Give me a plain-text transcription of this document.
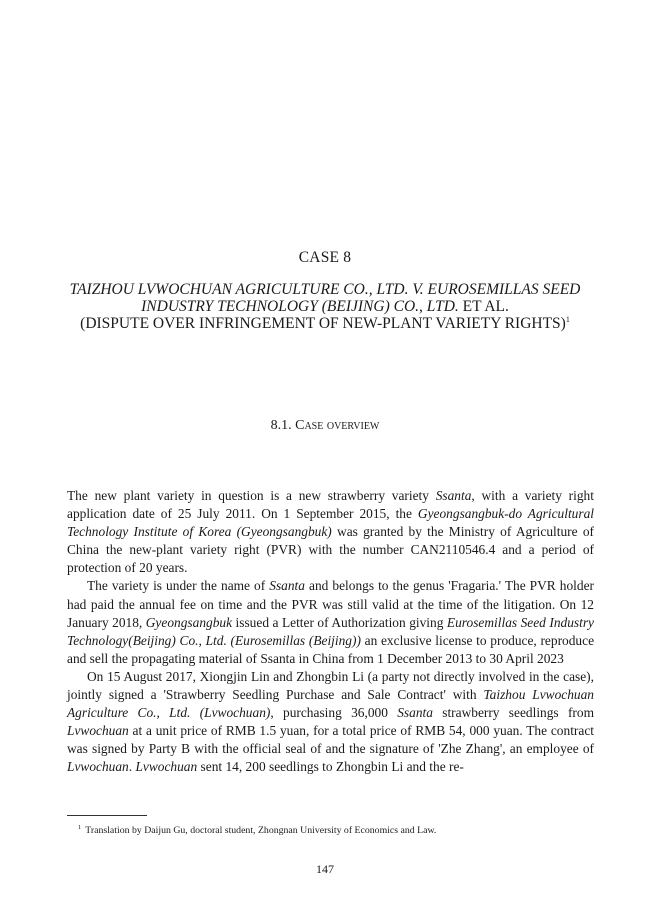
CASE 8
TAIZHOU LVWOCHUAN AGRICULTURE CO., LTD. V. EUROSEMILLAS SEED
INDUSTRY TECHNOLOGY (BEIJING) CO., LTD. ET AL.
(DISPUTE OVER INFRINGEMENT OF NEW-PLANT VARIETY RIGHTS)$^1$
8.1. Case overview

The new plant variety in question is a new strawberry variety Ssanta, with a variety right application date of 25 July 2011. On 1 September 2015, the Gyeongsangbuk-do Agricultural Technology Institute of Korea (Gyeongsangbuk) was granted by the Ministry of Agriculture of China the new-plant variety right (PVR) with the number CAN2110546.4 and a period of protection of 20 years.

The variety is under the name of Ssanta and belongs to the genus 'Fragaria.' The PVR holder had paid the annual fee on time and the PVR was still valid at the time of the litigation. On 12 January 2018, Gyeongsangbuk issued a Letter of Authorization giving Eurosemillas Seed Industry Technology(Beijing) Co., Ltd. (Eurosemillas (Beijing)) an exclusive license to produce, reproduce and sell the propagating material of Ssanta in China from 1 December 2013 to 30 April 2023

On 15 August 2017, Xiongjin Lin and Zhongbin Li (a party not directly involved in the case), jointly signed a 'Strawberry Seedling Purchase and Sale Contract' with Taizhou Lvwochuan Agriculture Co., Ltd. (Lvwochuan), purchasing 36,000 Ssanta strawberry seedlings from Lvwochuan at a unit price of RMB 1.5 yuan, for a total price of RMB 54, 000 yuan. The contract was signed by Party B with the official seal of and the signature of 'Zhe Zhang', an employee of Lvwochuan. Lvwochuan sent 14, 200 seedlings to Zhongbin Li and the re-

$^1$ Translation by Daijun Gu, doctoral student, Zhongnan University of Economics and Law.
147
